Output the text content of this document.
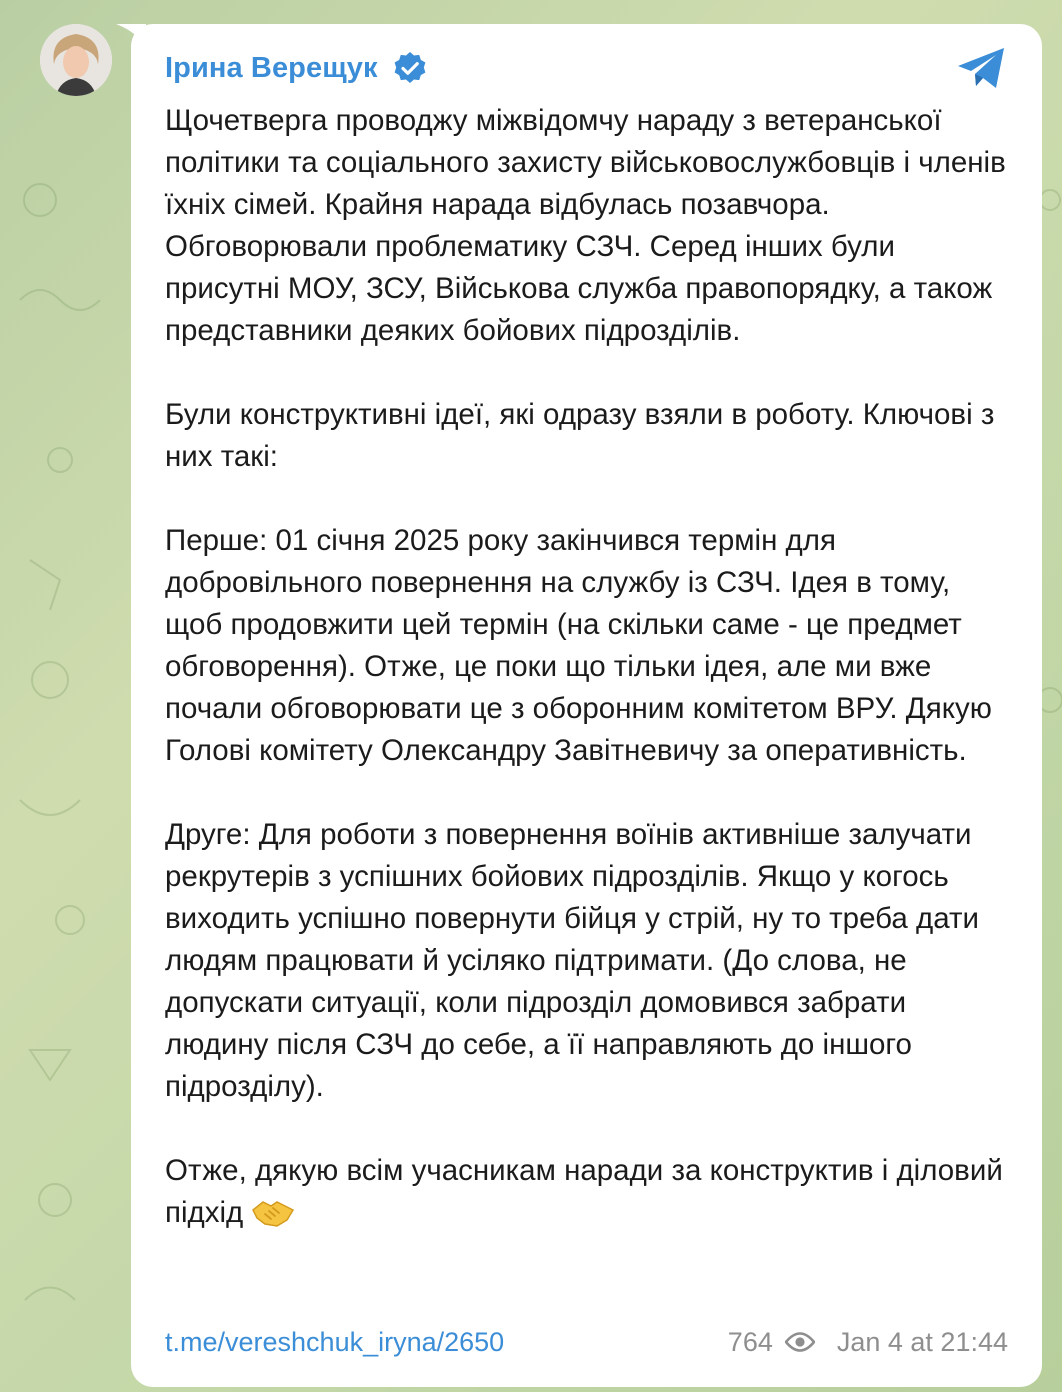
Ірина Верещук

Щочетверга проводжу міжвідомчу нараду з ветеранської політики та соціального захисту військовослужбовців і членів їхніх сімей. Крайня нарада відбулась позавчора. Обговорювали проблематику СЗЧ. Серед інших були присутні МОУ, ЗСУ, Військова служба правопорядку, а також представники деяких бойових підрозділів.

Були конструктивні ідеї, які одразу взяли в роботу. Ключові з них такі:

Перше: 01 січня 2025 року закінчився термін для добровільного повернення на службу із СЗЧ. Ідея в тому, щоб продовжити цей термін (на скільки саме - це предмет обговорення). Отже, це поки що тільки ідея, але ми вже почали обговорювати це з оборонним комітетом ВРУ. Дякую Голові комітету Олександру Завітневичу за оперативність.

Друге: Для роботи з повернення воїнів активніше залучати рекрутерів з успішних бойових підрозділів. Якщо у когось виходить успішно повернути бійця у стрій, ну то треба дати людям працювати й усіляко підтримати. (До слова, не допускати ситуації, коли підрозділ домовився забрати людину після СЗЧ до себе, а її направляють до іншого підрозділу).

Отже, дякую всім учасникам наради за конструктив і діловий підхід

t.me/vereshchuk_iryna/2650	764 Jan 4 at 21:44
